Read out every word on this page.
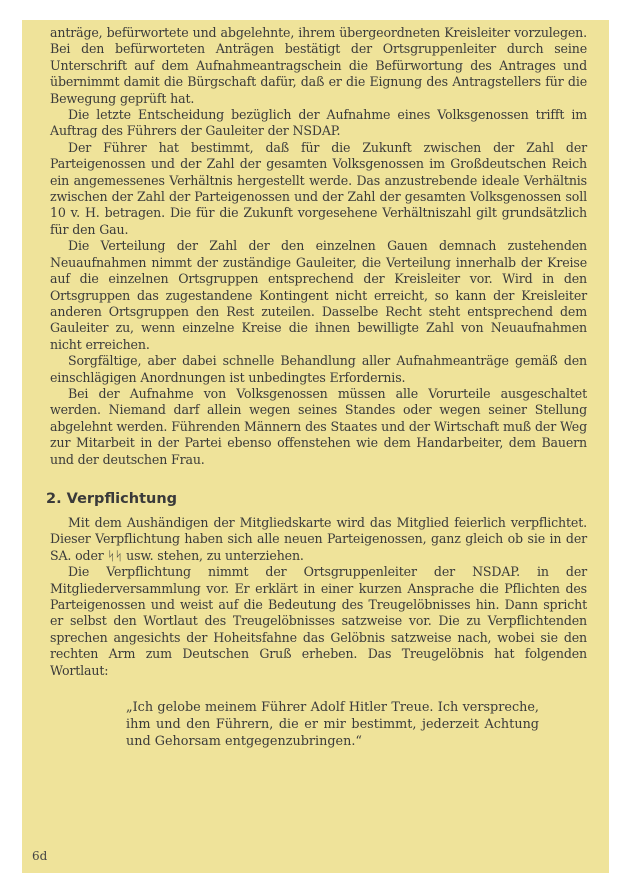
anträge, befürwortete und abgelehnte, ihrem übergeordneten Kreisleiter vorzulegen. Bei den befürworteten Anträgen bestätigt der Ortsgruppenleiter durch seine Unterschrift auf dem Aufnahmeantragschein die Befürwortung des Antrages und übernimmt damit die Bürgschaft dafür, daß er die Eignung des Antragstellers für die Bewegung geprüft hat.

Die letzte Entscheidung bezüglich der Aufnahme eines Volksgenossen trifft im Auftrag des Führers der Gauleiter der NSDAP.

Der Führer hat bestimmt, daß für die Zukunft zwischen der Zahl der Parteigenossen und der Zahl der gesamten Volksgenossen im Großdeutschen Reich ein angemessenes Verhältnis hergestellt werde. Das anzustrebende ideale Verhältnis zwischen der Zahl der Parteigenossen und der Zahl der gesamten Volksgenossen soll 10 v. H. betragen. Die für die Zukunft vorgesehene Verhältniszahl gilt grundsätzlich für den Gau.

Die Verteilung der Zahl der den einzelnen Gauen demnach zustehenden Neuaufnahmen nimmt der zuständige Gauleiter, die Verteilung innerhalb der Kreise auf die einzelnen Ortsgruppen entsprechend der Kreisleiter vor. Wird in den Ortsgruppen das zugestandene Kontingent nicht erreicht, so kann der Kreisleiter anderen Ortsgruppen den Rest zuteilen. Dasselbe Recht steht entsprechend dem Gauleiter zu, wenn einzelne Kreise die ihnen bewilligte Zahl von Neuaufnahmen nicht erreichen.

Sorgfältige, aber dabei schnelle Behandlung aller Aufnahmeanträge gemäß den einschlägigen Anordnungen ist unbedingtes Erfordernis.

Bei der Aufnahme von Volksgenossen müssen alle Vorurteile ausgeschaltet werden. Niemand darf allein wegen seines Standes oder wegen seiner Stellung abgelehnt werden. Führenden Männern des Staates und der Wirtschaft muß der Weg zur Mitarbeit in der Partei ebenso offenstehen wie dem Handarbeiter, dem Bauern und der deutschen Frau.

2. Verpflichtung

Mit dem Aushändigen der Mitgliedskarte wird das Mitglied feierlich verpflichtet. Dieser Verpflichtung haben sich alle neuen Parteigenossen, ganz gleich ob sie in der SA. oder ᛋᛋ usw. stehen, zu unterziehen.

Die Verpflichtung nimmt der Ortsgruppenleiter der NSDAP. in der Mitgliederversammlung vor. Er erklärt in einer kurzen Ansprache die Pflichten des Parteigenossen und weist auf die Bedeutung des Treugelöbnisses hin. Dann spricht er selbst den Wortlaut des Treugelöbnisses satzweise vor. Die zu Verpflichtenden sprechen angesichts der Hoheitsfahne das Gelöbnis satzweise nach, wobei sie den rechten Arm zum Deutschen Gruß erheben. Das Treugelöbnis hat folgenden Wortlaut:

„Ich gelobe meinem Führer Adolf Hitler Treue. Ich verspreche, ihm und den Führern, die er mir bestimmt, jederzeit Achtung und Gehorsam entgegenzubringen.“

6d
